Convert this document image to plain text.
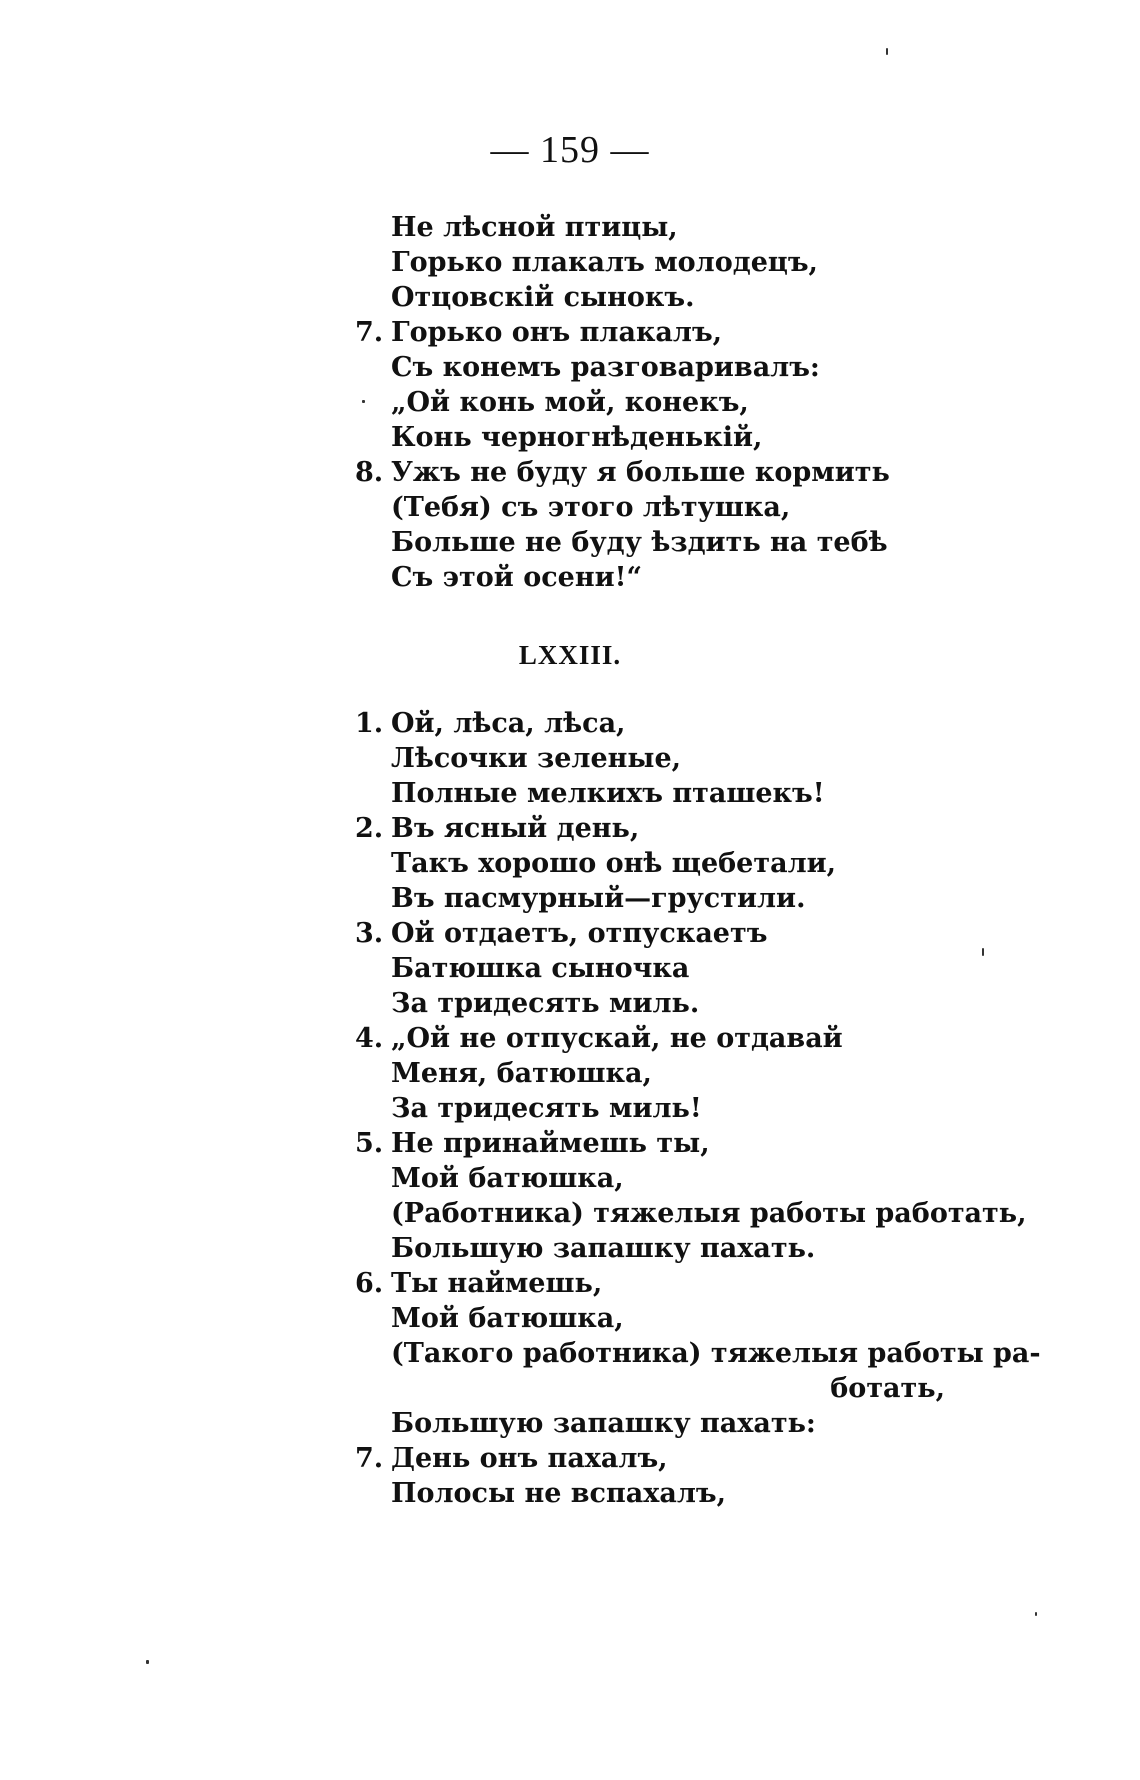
— 159 —
Не лѣсной птицы,
Горько плакалъ молодецъ,
Отцовскій сынокъ.
7. Горько онъ плакалъ,
Съ конемъ разговаривалъ:
„Ой конь мой, конекъ,
Конь черногнѣденькій,
8. Ужъ не буду я больше кормить
(Тебя) съ этого лѣтушка,
Больше не буду ѣздить на тебѣ
Съ этой осени!“
LXXIII.
1. Ой, лѣса, лѣса,
Лѣсочки зеленые,
Полные мелкихъ пташекъ!
2. Въ ясный день,
Такъ хорошо онѣ щебетали,
Въ пасмурный—грустили.
3. Ой отдаетъ, отпускаетъ
Батюшка сыночка
За тридесять миль.
4. „Ой не отпускай, не отдавай
Меня, батюшка,
За тридесять миль!
5. Не принаймешь ты,
Мой батюшка,
(Работника) тяжелыя работы работать,
Большую запашку пахать.
6. Ты наймешь,
Мой батюшка,
(Такого работника) тяжелыя работы ра-
ботать,
Большую запашку пахать:
7. День онъ пахалъ,
Полосы не вспахалъ,
